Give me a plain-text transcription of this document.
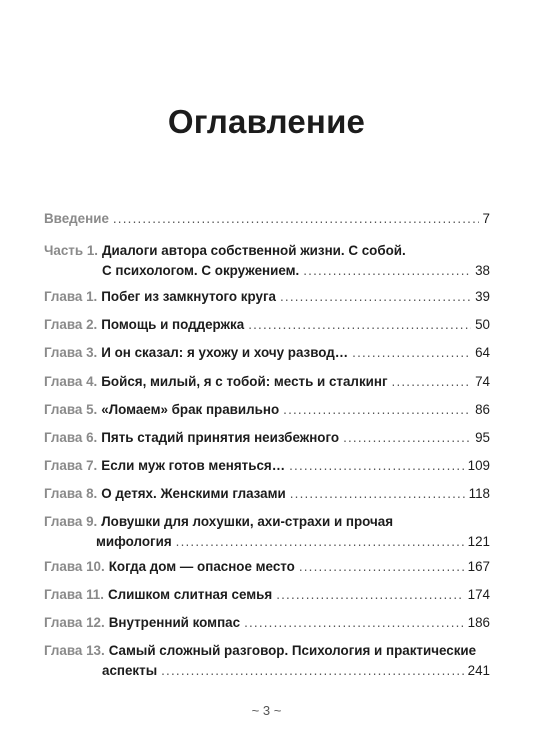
Оглавление
Введение .....	7
Часть 1. Диалоги автора собственной жизни. С собой.
С психологом. С окружением. .....	38
Глава 1. Побег из замкнутого круга .....	39
Глава 2. Помощь и поддержка .....	50
Глава 3. И он сказал: я ухожу и хочу развод… .....	64
Глава 4. Бойся, милый, я с тобой: месть и сталкинг .....	74
Глава 5. «Ломаем» брак правильно .....	86
Глава 6. Пять стадий принятия неизбежного .....	95
Глава 7. Если муж готов меняться… .....	109
Глава 8. О детях. Женскими глазами .....	118
Глава 9. Ловушки для лохушки, ахи-страхи и прочая
мифология .....	121
Глава 10. Когда дом — опасное место .....	167
Глава 11. Слишком слитная семья .....	174
Глава 12. Внутренний компас .....	186
Глава 13. Самый сложный разговор. Психология и практические
аспекты .....	241
~ 3 ~
